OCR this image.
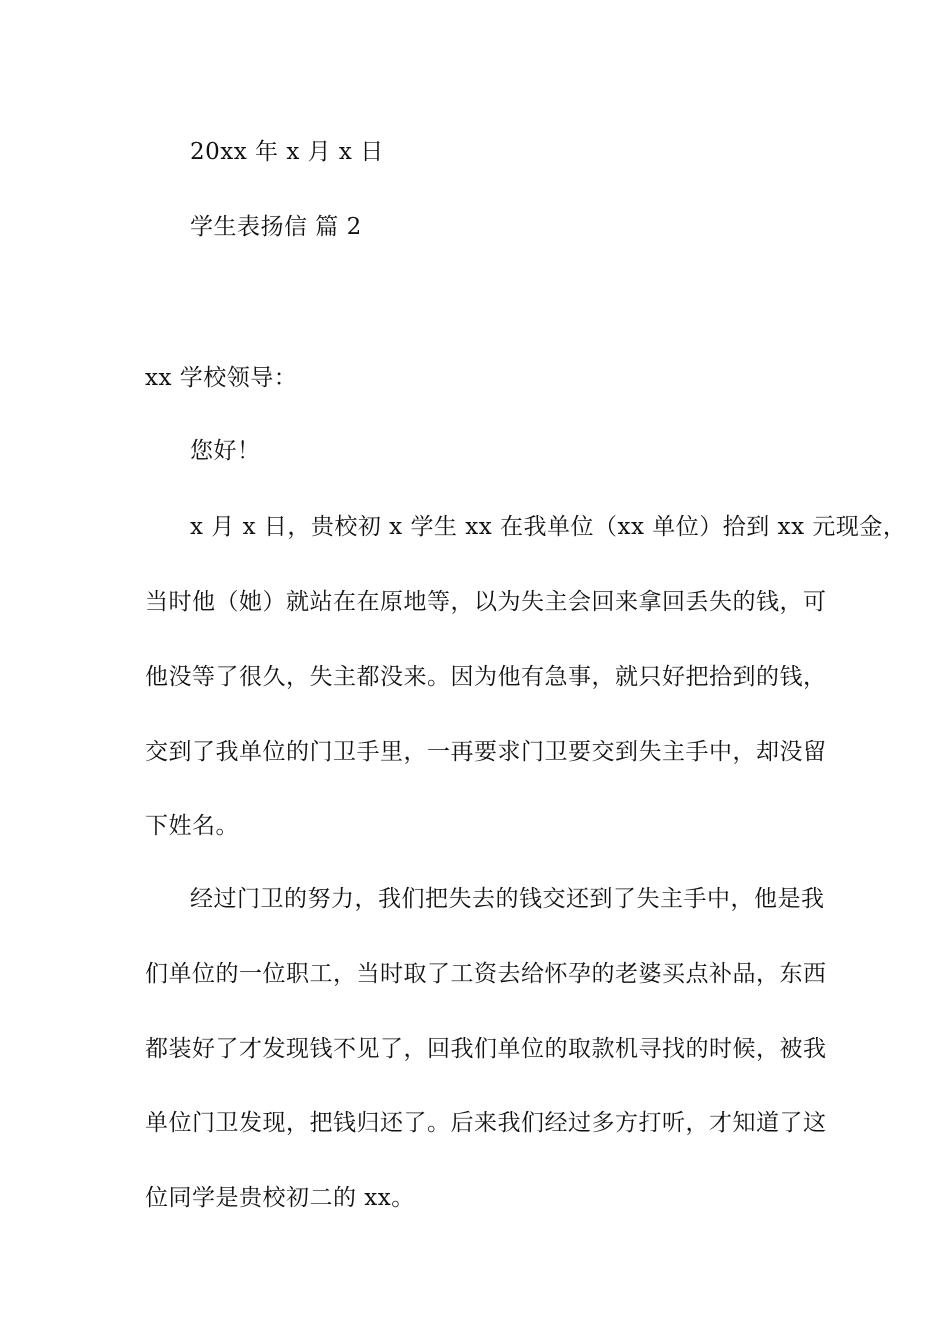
20xx 年 x 月 x 日
学生表扬信 篇 2
xx 学校领导：
您好！
x 月 x 日，贵校初 x 学生 xx 在我单位（xx 单位）拾到 xx 元现金，
当时他（她）就站在在原地等，以为失主会回来拿回丢失的钱，可
他没等了很久，失主都没来。因为他有急事，就只好把拾到的钱，
交到了我单位的门卫手里，一再要求门卫要交到失主手中，却没留
下姓名。
经过门卫的努力，我们把失去的钱交还到了失主手中，他是我
们单位的一位职工，当时取了工资去给怀孕的老婆买点补品，东西
都装好了才发现钱不见了，回我们单位的取款机寻找的时候，被我
单位门卫发现，把钱归还了。后来我们经过多方打听，才知道了这
位同学是贵校初二的 xx。
